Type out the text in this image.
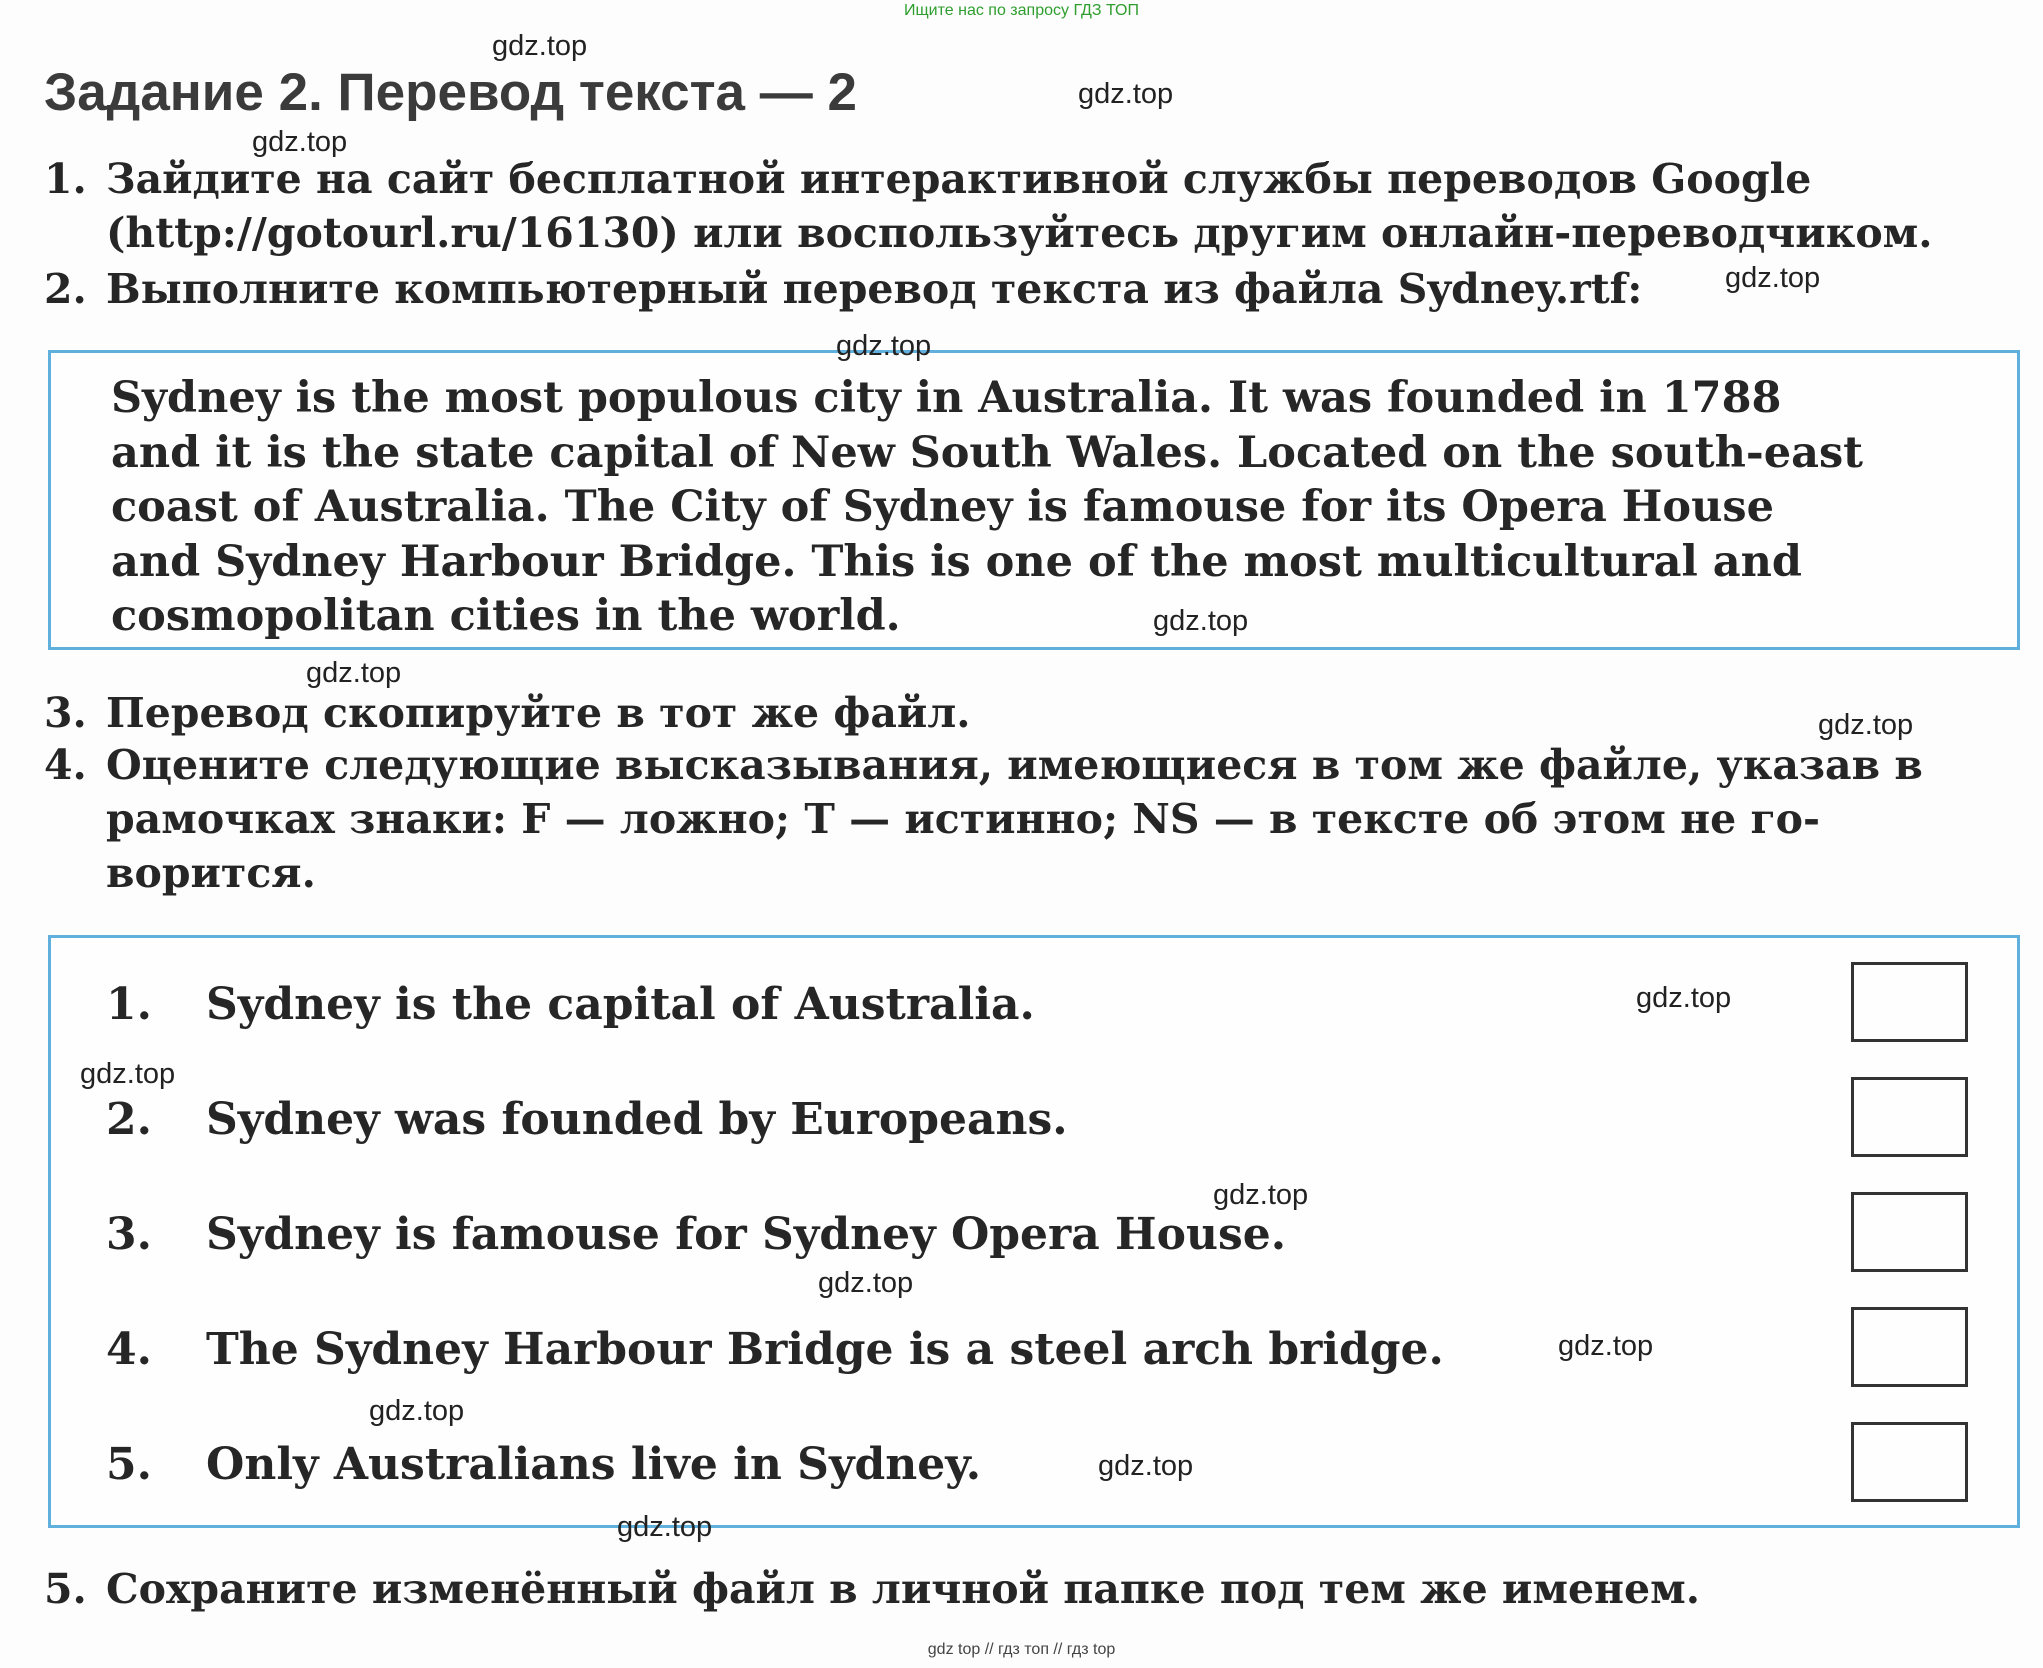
Ищите нас по запросу ГДЗ ТОП
Задание 2. Перевод текста — 2
1. Зайдите на сайт бесплатной интерактивной службы переводов Google
(http://gotourl.ru/16130) или воспользуйтесь другим онлайн-переводчиком.
2. Выполните компьютерный перевод текста из файла Sydney.rtf:
Sydney is the most populous city in Australia. It was founded in 1788
and it is the state capital of New South Wales. Located on the south-east
coast of Australia. The City of Sydney is famouse for its Opera House
and Sydney Harbour Bridge. This is one of the most multicultural and
cosmopolitan cities in the world.
3. Перевод скопируйте в тот же файл.
4. Оцените следующие высказывания, имеющиеся в том же файле, указав в
рамочках знаки: F — ложно; T — истинно; NS — в тексте об этом не го-
ворится.
1. Sydney is the capital of Australia.
2. Sydney was founded by Europeans.
3. Sydney is famouse for Sydney Opera House.
4. The Sydney Harbour Bridge is a steel arch bridge.
5. Only Australians live in Sydney.
5. Сохраните изменённый файл в личной папке под тем же именем.
gdz.top
gdz.top
gdz.top
gdz.top
gdz.top
gdz.top
gdz.top
gdz.top
gdz.top
gdz.top
gdz.top
gdz.top
gdz.top
gdz.top
gdz.top
gdz.top
gdz top // гдз топ // гдз top
